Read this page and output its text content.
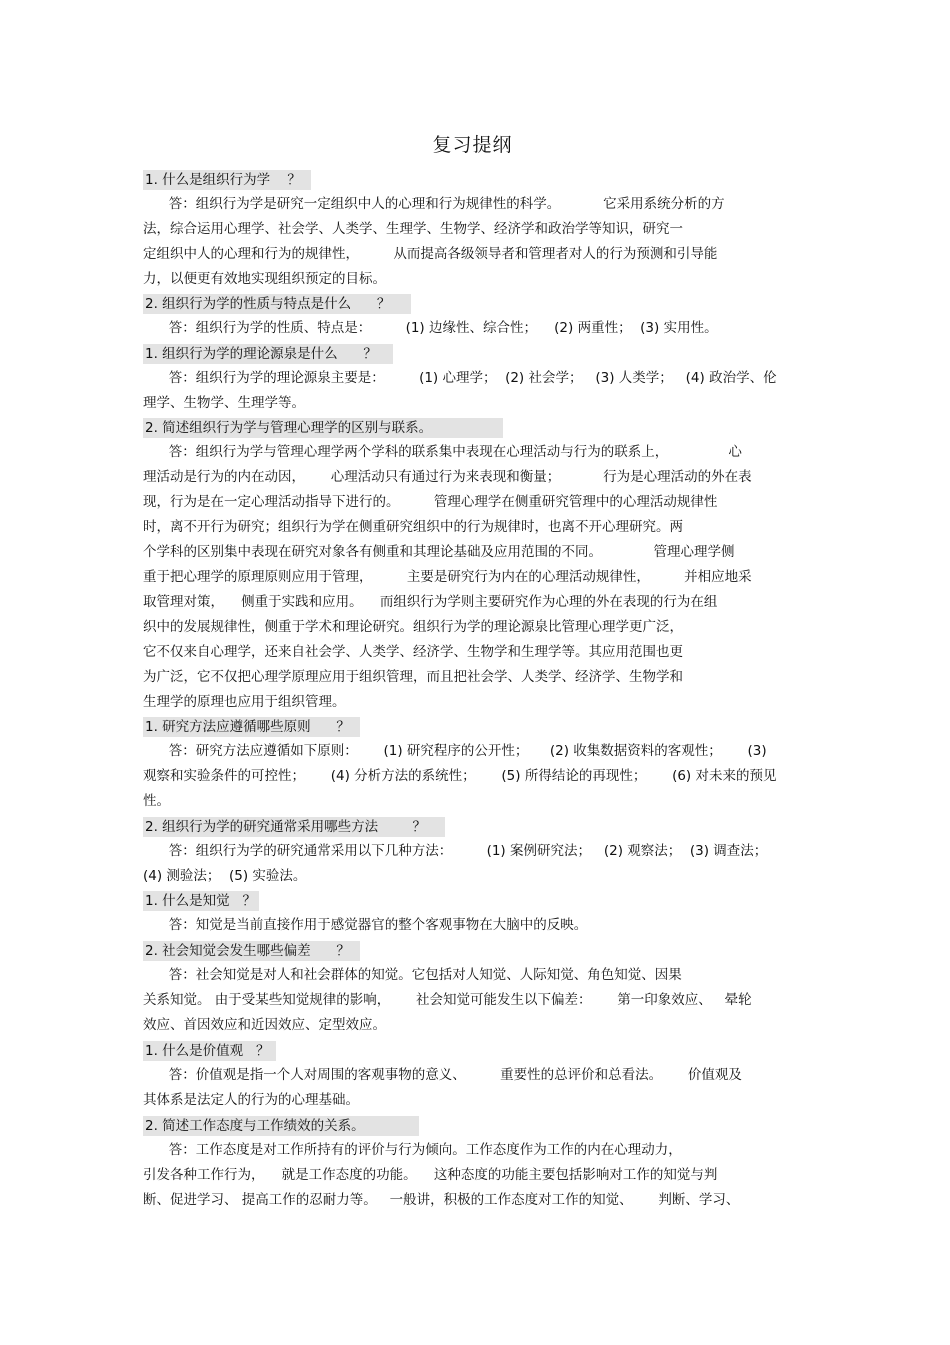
复习提纲
1. 什么是组织行为学    ？
答：组织行为学是研究一定组织中人的心理和行为规律性的科学。          它采用系统分析的方
法，综合运用心理学、社会学、人类学、生理学、生物学、经济学和政治学等知识，研究一
定组织中人的心理和行为的规律性，        从而提高各级领导者和管理者对人的行为预测和引导能
力，以便更有效地实现组织预定的目标。
2. 组织行为学的性质与特点是什么      ？
答：组织行为学的性质、特点是：        (1) 边缘性、综合性；    (2) 两重性；  (3) 实用性。
1. 组织行为学的理论源泉是什么      ？
答：组织行为学的理论源泉主要是：        (1) 心理学；  (2) 社会学；   (3) 人类学；   (4) 政治学、伦
理学、生物学、生理学等。
2. 简述组织行为学与管理心理学的区别与联系。
答：组织行为学与管理心理学两个学科的联系集中表现在心理活动与行为的联系上，              心
理活动是行为的内在动因，      心理活动只有通过行为来表现和衡量；          行为是心理活动的外在表
现，行为是在一定心理活动指导下进行的。        管理心理学在侧重研究管理中的心理活动规律性
时，离不开行为研究；组织行为学在侧重研究组织中的行为规律时，也离不开心理研究。两
个学科的区别集中表现在研究对象各有侧重和其理论基础及应用范围的不同。            管理心理学侧
重于把心理学的原理原则应用于管理，        主要是研究行为内在的心理活动规律性，        并相应地采
取管理对策，    侧重于实践和应用。    而组织行为学则主要研究作为心理的外在表现的行为在组
织中的发展规律性，侧重于学术和理论研究。组织行为学的理论源泉比管理心理学更广泛，
它不仅来自心理学，还来自社会学、人类学、经济学、生物学和生理学等。其应用范围也更
为广泛，它不仅把心理学原理应用于组织管理，而且把社会学、人类学、经济学、生物学和
生理学的原理也应用于组织管理。
1. 研究方法应遵循哪些原则      ？
答：研究方法应遵循如下原则：      (1) 研究程序的公开性；     (2) 收集数据资料的客观性；      (3)
观察和实验条件的可控性；      (4) 分析方法的系统性；      (5) 所得结论的再现性；      (6) 对未来的预见
性。
2. 组织行为学的研究通常采用哪些方法        ？
答：组织行为学的研究通常采用以下几种方法：        (1) 案例研究法；   (2) 观察法；  (3) 调查法；
(4) 测验法；  (5) 实验法。
1. 什么是知觉   ？
答：知觉是当前直接作用于感觉器官的整个客观事物在大脑中的反映。
2. 社会知觉会发生哪些偏差      ？
答：社会知觉是对人和社会群体的知觉。它包括对人知觉、人际知觉、角色知觉、因果
关系知觉。 由于受某些知觉规律的影响，      社会知觉可能发生以下偏差：      第一印象效应、   晕轮
效应、首因效应和近因效应、定型效应。
1. 什么是价值观   ？
答：价值观是指一个人对周围的客观事物的意义、        重要性的总评价和总看法。      价值观及
其体系是法定人的行为的心理基础。
2. 简述工作态度与工作绩效的关系。
答：工作态度是对工作所持有的评价与行为倾向。工作态度作为工作的内在心理动力，
引发各种工作行为，    就是工作态度的功能。    这种态度的功能主要包括影响对工作的知觉与判
断、促进学习、 提高工作的忍耐力等。   一般讲，积极的工作态度对工作的知觉、      判断、学习、
